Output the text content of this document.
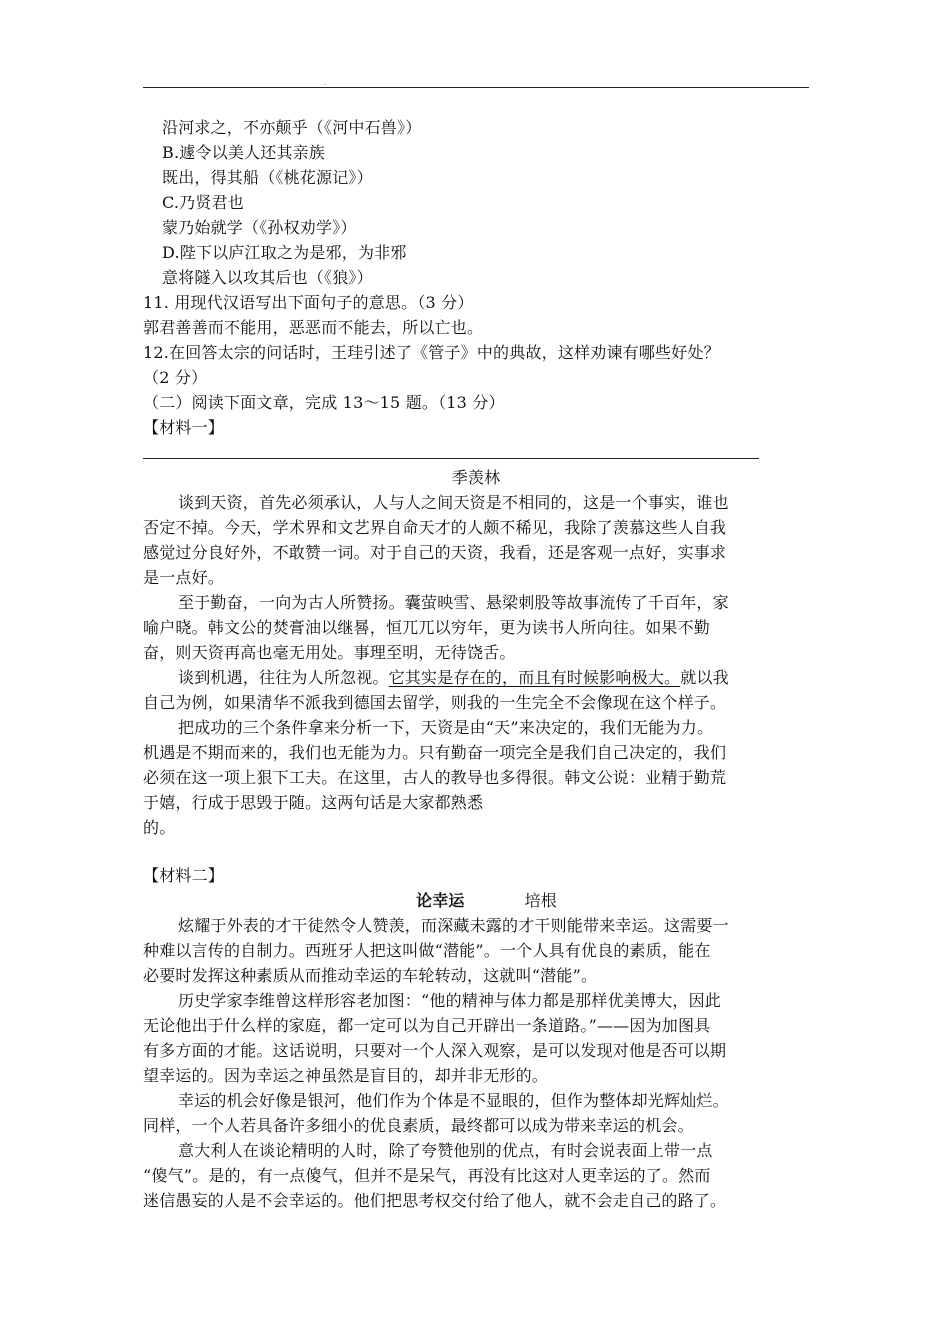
.
沿河求之，不亦颠乎（《河中石兽》）
B.遽令以美人还其亲族
既出，得其船（《桃花源记》）
C.乃贤君也
蒙乃始就学（《孙权劝学》）
D.陛下以庐江取之为是邪，为非邪
意将隧入以攻其后也（《狼》）
11. 用现代汉语写出下面句子的意思。（3 分）
郭君善善而不能用，恶恶而不能去，所以亡也。
12.在回答太宗的问话时，王珪引述了《管子》中的典故，这样劝谏有哪些好处？
（2 分）
（二）阅读下面文章，完成 13～15 题。（13 分）
【材料一】
季羡林
谈到天资，首先必须承认，人与人之间天资是不相同的，这是一个事实，谁也
否定不掉。今天，学术界和文艺界自命天才的人颇不稀见，我除了羡慕这些人自我
感觉过分良好外，不敢赞一词。对于自己的天资，我看，还是客观一点好，实事求
是一点好。
至于勤奋，一向为古人所赞扬。囊萤映雪、悬梁刺股等故事流传了千百年，家
喻户晓。韩文公的焚膏油以继晷，恒兀兀以穷年，更为读书人所向往。如果不勤
奋，则天资再高也毫无用处。事理至明，无待饶舌。
谈到机遇，往往为人所忽视。它其实是存在的，而且有时候影响极大。就以我
自己为例，如果清华不派我到德国去留学，则我的一生完全不会像现在这个样子。
把成功的三个条件拿来分析一下，天资是由“天”来决定的，我们无能为力。
机遇是不期而来的，我们也无能为力。只有勤奋一项完全是我们自己决定的，我们
必须在这一项上狠下工夫。在这里，古人的教导也多得很。韩文公说：业精于勤荒
于嬉，行成于思毁于随。这两句话是大家都熟悉
的。
【材料二】
论幸运	培根
炫耀于外表的才干徒然令人赞羡，而深藏未露的才干则能带来幸运。这需要一
种难以言传的自制力。西班牙人把这叫做“潜能”。一个人具有优良的素质，能在
必要时发挥这种素质从而推动幸运的车轮转动，这就叫“潜能”。
历史学家李维曾这样形容老加图：“他的精神与体力都是那样优美博大，因此
无论他出于什么样的家庭，都一定可以为自己开辟出一条道路。”——因为加图具
有多方面的才能。这话说明，只要对一个人深入观察，是可以发现对他是否可以期
望幸运的。因为幸运之神虽然是盲目的，却并非无形的。
幸运的机会好像是银河，他们作为个体是不显眼的，但作为整体却光辉灿烂。
同样，一个人若具备许多细小的优良素质，最终都可以成为带来幸运的机会。
意大利人在谈论精明的人时，除了夸赞他别的优点，有时会说表面上带一点
“傻气”。是的，有一点傻气，但并不是呆气，再没有比这对人更幸运的了。然而
迷信愚妄的人是不会幸运的。他们把思考权交付给了他人，就不会走自己的路了。
